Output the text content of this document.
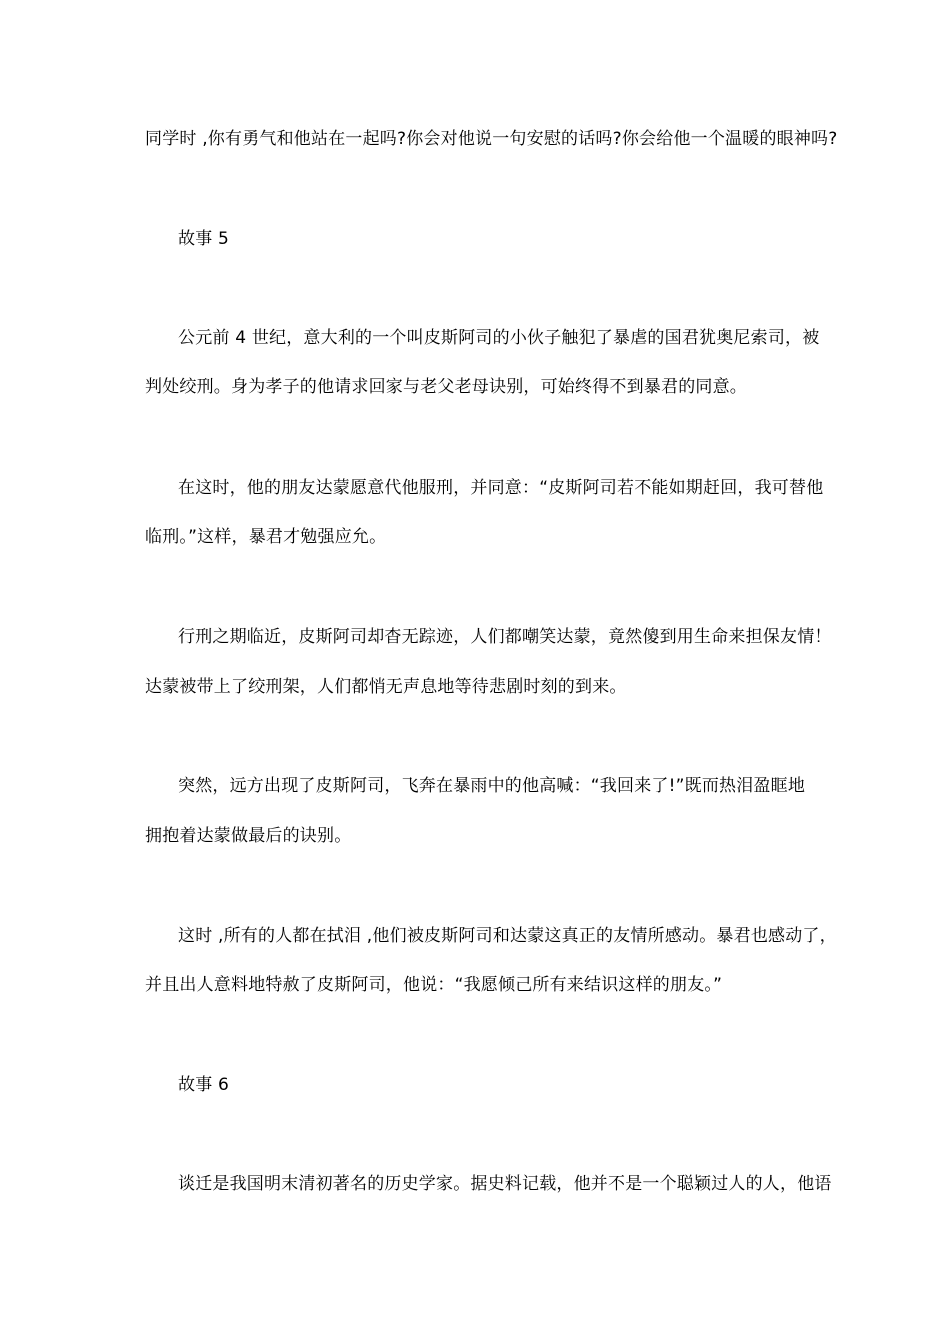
同学时 ,你有勇气和他站在一起吗?你会对他说一句安慰的话吗?你会给他一个温暖的眼神吗?
故事 5
公元前 4 世纪，意大利的一个叫皮斯阿司的小伙子触犯了暴虐的国君犹奥尼索司，被
判处绞刑。身为孝子的他请求回家与老父老母诀别，可始终得不到暴君的同意。
在这时，他的朋友达蒙愿意代他服刑，并同意：“皮斯阿司若不能如期赶回，我可替他
临刑。”这样，暴君才勉强应允。
行刑之期临近，皮斯阿司却杳无踪迹，人们都嘲笑达蒙，竟然傻到用生命来担保友情！
达蒙被带上了绞刑架，人们都悄无声息地等待悲剧时刻的到来。
突然，远方出现了皮斯阿司，飞奔在暴雨中的他高喊：“我回来了!”既而热泪盈眶地
拥抱着达蒙做最后的诀别。
这时 ,所有的人都在拭泪 ,他们被皮斯阿司和达蒙这真正的友情所感动。暴君也感动了，
并且出人意料地特赦了皮斯阿司，他说：“我愿倾己所有来结识这样的朋友。”
故事 6
谈迁是我国明末清初著名的历史学家。据史料记载，他并不是一个聪颖过人的人，他语
